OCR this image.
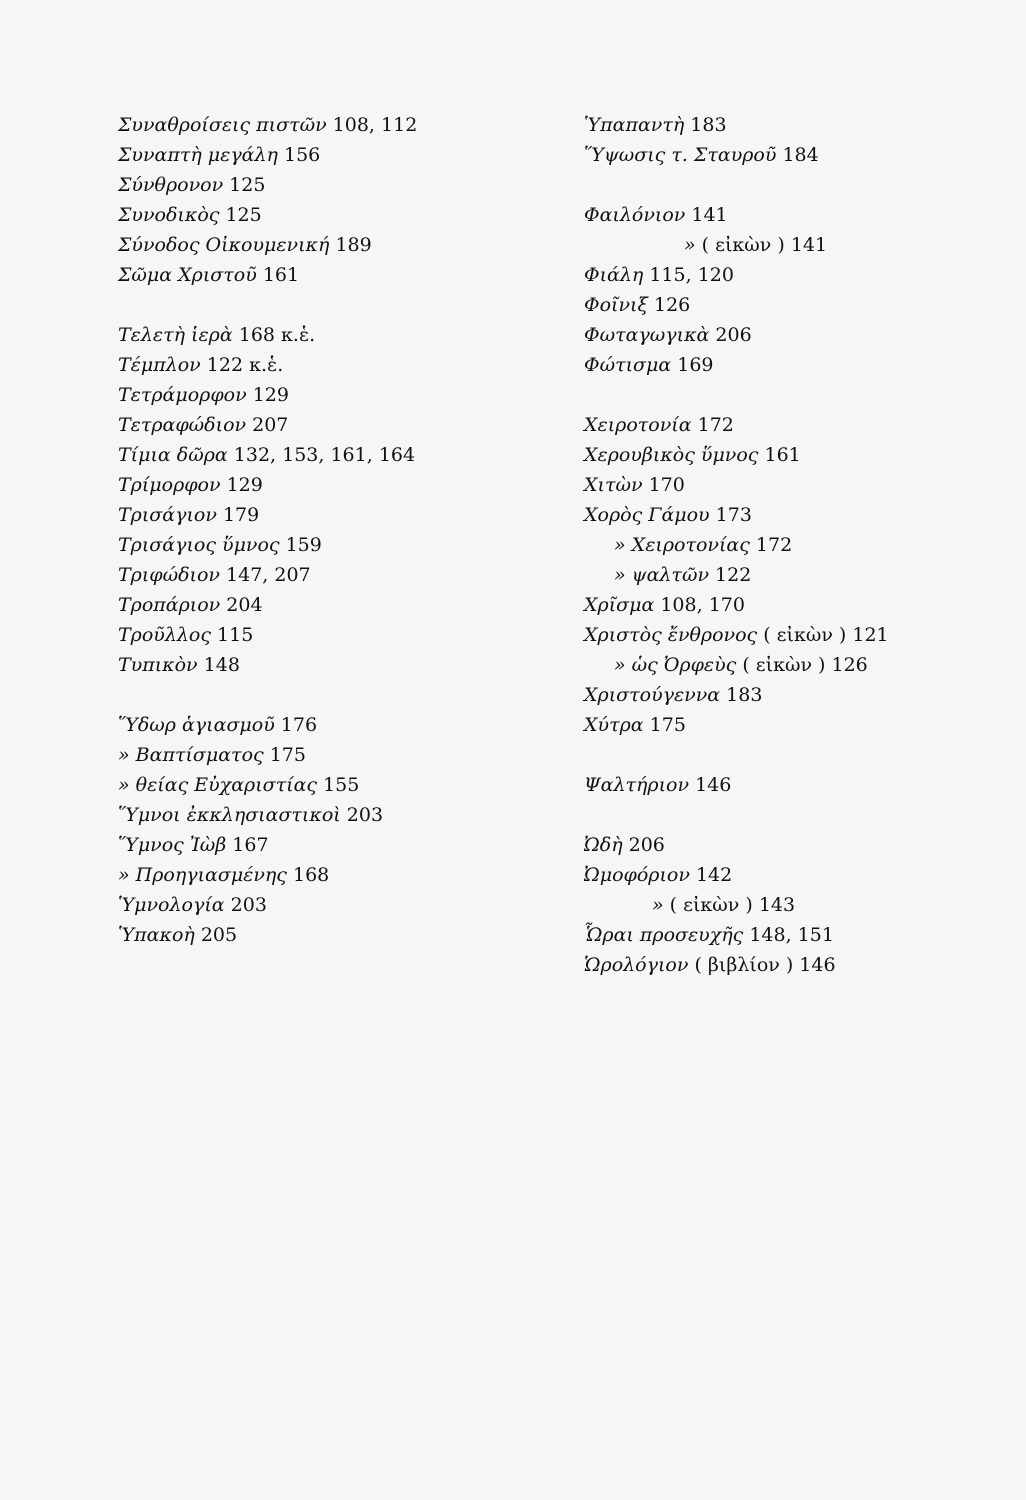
Συναθροίσεις πιστῶν 108, 112
Συναπτὴ μεγάλη 156
Σύνθρονον 125
Συνοδικὸς 125
Σύνοδος Οἰκουμενική 189
Σῶμα Χριστοῦ 161
Τελετὴ ἱερὰ 168 κ.ἑ.
Τέμπλον 122 κ.ἑ.
Τετράμορφον 129
Τετραφώδιον 207
Τίμια δῶρα 132, 153, 161, 164
Τρίμορφον 129
Τρισάγιον 179
Τρισάγιος ὕμνος 159
Τριφώδιον 147, 207
Τροπάριον 204
Τροῦλλος 115
Τυπικὸν 148
Ὕδωρ ἁγιασμοῦ 176
» Βαπτίσματος 175
» θείας Εὐχαριστίας 155
Ὕμνοι ἐκκλησιαστικοὶ 203
Ὕμνος Ἰὼβ 167
» Προηγιασμένης 168
Ὑμνολογία 203
Ὑπακοὴ 205
Ὑπαπαντὴ 183
Ὕψωσις τ. Σταυροῦ 184
Φαιλόνιον 141
» ( εἰκὼν ) 141
Φιάλη 115, 120
Φοῖνιξ 126
Φωταγωγικὰ 206
Φώτισμα 169
Χειροτονία 172
Χερουβικὸς ὕμνος 161
Χιτὼν 170
Χορὸς Γάμου 173
» Χειροτονίας 172
» ψαλτῶν 122
Χρῖσμα 108, 170
Χριστὸς ἔνθρονος ( εἰκὼν ) 121
» ὡς Ὀρφεὺς ( εἰκὼν ) 126
Χριστούγεννα 183
Χύτρα 175
Ψαλτήριον 146
Ὠδὴ 206
Ὠμοφόριον 142
» ( εἰκὼν ) 143
Ὧραι προσευχῆς 148, 151
Ὡρολόγιον ( βιβλίον ) 146
